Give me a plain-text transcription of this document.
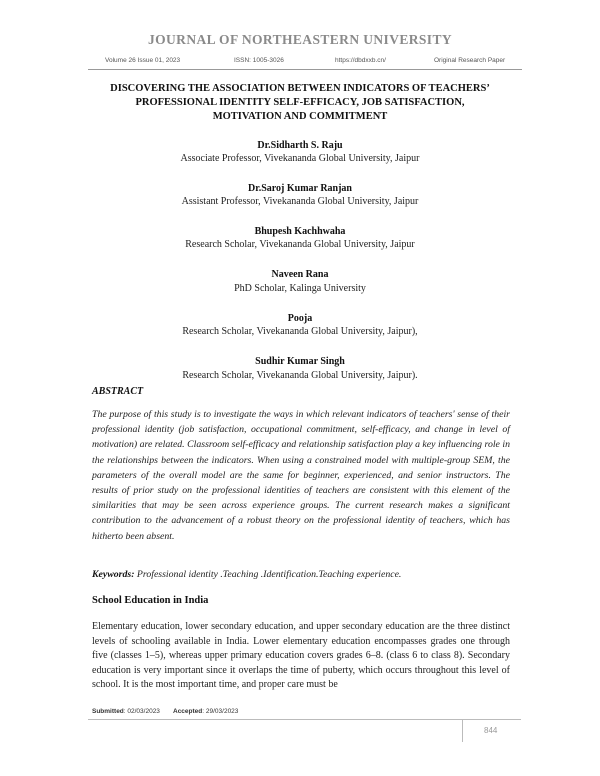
JOURNAL OF NORTHEASTERN UNIVERSITY
Volume 26 Issue 01, 2023	ISSN: 1005-3026	https://dbdxxb.cn/	Original Research Paper
DISCOVERING THE ASSOCIATION BETWEEN INDICATORS OF TEACHERS’
PROFESSIONAL IDENTITY SELF-EFFICACY, JOB SATISFACTION,
MOTIVATION AND COMMITMENT
Dr.Sidharth S. Raju
Associate Professor, Vivekananda Global University, Jaipur
Dr.Saroj Kumar Ranjan
Assistant Professor, Vivekananda Global University, Jaipur
Bhupesh Kachhwaha
Research Scholar, Vivekananda Global University, Jaipur
Naveen Rana
PhD Scholar, Kalinga University
Pooja
Research Scholar, Vivekananda Global University, Jaipur),
Sudhir Kumar Singh
Research Scholar, Vivekananda Global University, Jaipur).
ABSTRACT
The purpose of this study is to investigate the ways in which relevant indicators of teachers' sense of their professional identity (job satisfaction, occupational commitment, self-efficacy, and change in level of motivation) are related. Classroom self-efficacy and relationship satisfaction play a key influencing role in the relationships between the indicators. When using a constrained model with multiple-group SEM, the parameters of the overall model are the same for beginner, experienced, and senior instructors. The results of prior study on the professional identities of teachers are consistent with this element of the similarities that may be seen across experience groups. The current research makes a significant contribution to the advancement of a robust theory on the professional identity of teachers, which has hitherto been absent.
Keywords: Professional identity .Teaching .Identification.Teaching experience.
School Education in India
Elementary education, lower secondary education, and upper secondary education are the three distinct levels of schooling available in India. Lower elementary education encompasses grades one through five (classes 1–5), whereas upper primary education covers grades 6–8. (class 6 to class 8). Secondary education is very important since it overlaps the time of puberty, which occurs throughout this level of school. It is the most important time, and proper care must be
Submitted: 02/03/2023 Accepted: 29/03/2023
844
